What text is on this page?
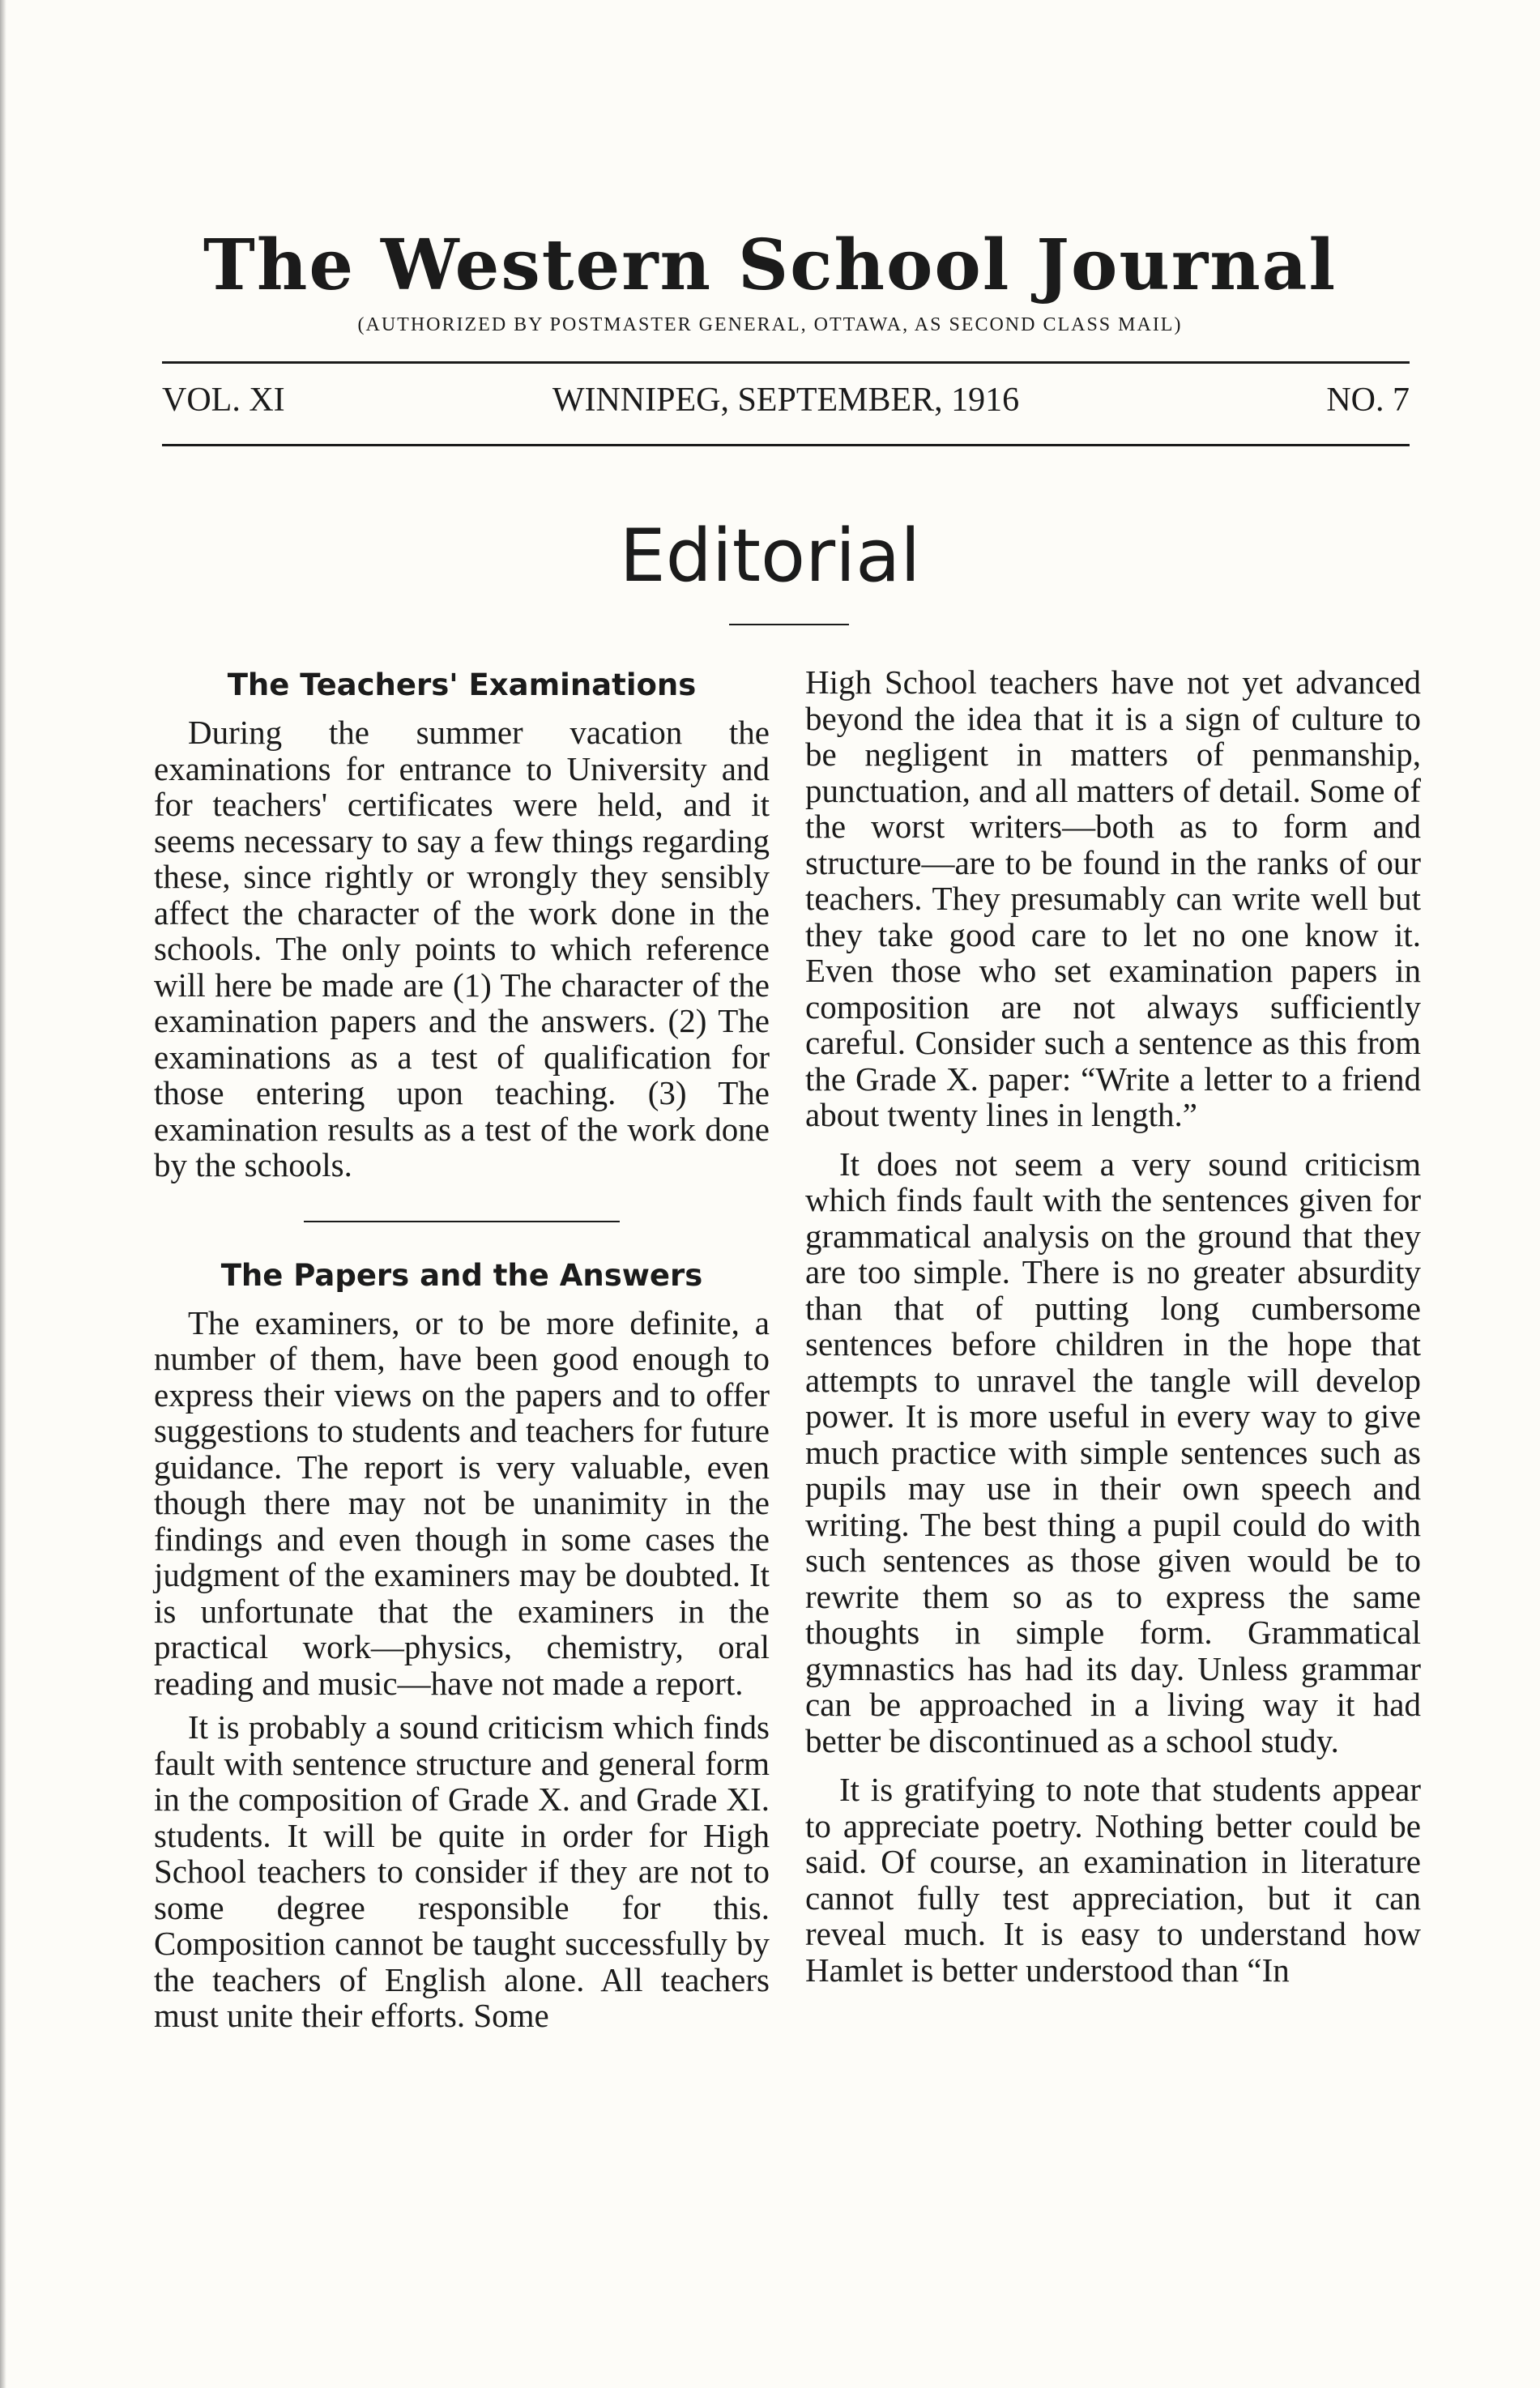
The Western School Journal
(AUTHORIZED BY POSTMASTER GENERAL, OTTAWA, AS SECOND CLASS MAIL)
VOL. XI	WINNIPEG, SEPTEMBER, 1916	NO. 7
Editorial
The Teachers' Examinations

During the summer vacation the examinations for entrance to University and for teachers' certificates were held, and it seems necessary to say a few things regarding these, since rightly or wrongly they sensibly affect the character of the work done in the schools. The only points to which reference will here be made are (1) The character of the examination papers and the answers. (2) The examinations as a test of qualification for those entering upon teaching. (3) The examination results as a test of the work done by the schools.

The Papers and the Answers

The examiners, or to be more definite, a number of them, have been good enough to express their views on the papers and to offer suggestions to students and teachers for future guidance. The report is very valuable, even though there may not be unanimity in the findings and even though in some cases the judgment of the examiners may be doubted. It is unfortunate that the examiners in the practical work—physics, chemistry, oral reading and music—have not made a report.

It is probably a sound criticism which finds fault with sentence structure and general form in the composition of Grade X. and Grade XI. students. It will be quite in order for High School teachers to consider if they are not to some degree responsible for this. Composition cannot be taught successfully by the teachers of English alone. All teachers must unite their efforts. Some

High School teachers have not yet advanced beyond the idea that it is a sign of culture to be negligent in matters of penmanship, punctuation, and all matters of detail. Some of the worst writers—both as to form and structure—are to be found in the ranks of our teachers. They presumably can write well but they take good care to let no one know it. Even those who set examination papers in composition are not always sufficiently careful. Consider such a sentence as this from the Grade X. paper: “Write a letter to a friend about twenty lines in length.”

It does not seem a very sound criticism which finds fault with the sentences given for grammatical analysis on the ground that they are too simple. There is no greater absurdity than that of putting long cumbersome sentences before children in the hope that attempts to unravel the tangle will develop power. It is more useful in every way to give much practice with simple sentences such as pupils may use in their own speech and writing. The best thing a pupil could do with such sentences as those given would be to rewrite them so as to express the same thoughts in simple form. Grammatical gymnastics has had its day. Unless grammar can be approached in a living way it had better be discontinued as a school study.

It is gratifying to note that students appear to appreciate poetry. Nothing better could be said. Of course, an examination in literature cannot fully test appreciation, but it can reveal much. It is easy to understand how Hamlet is better understood than “In
